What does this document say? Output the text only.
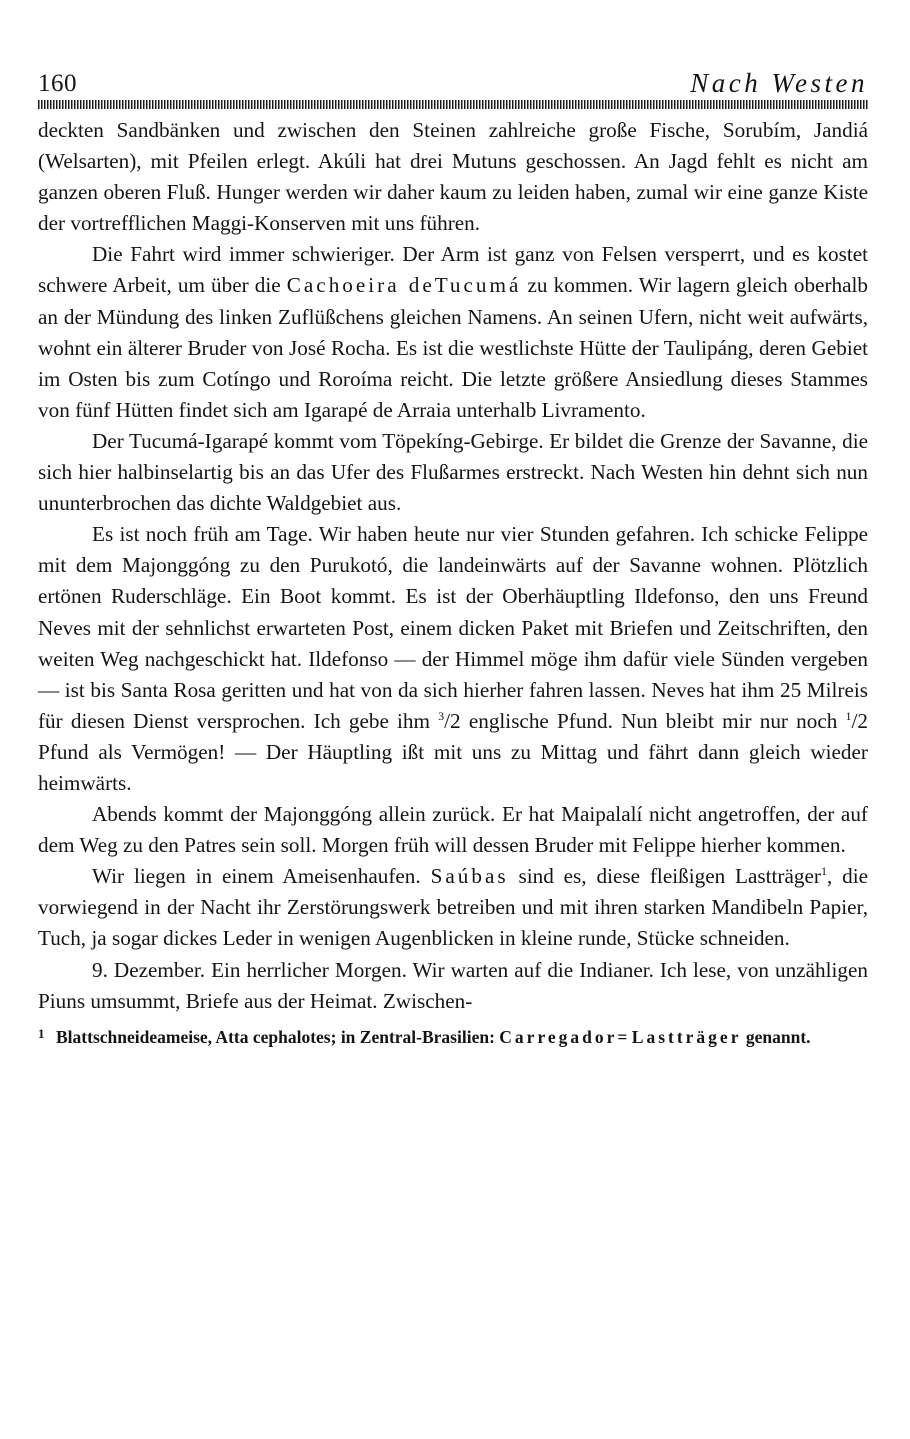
160	Nach Westen

deckten Sandbänken und zwischen den Steinen zahlreiche große Fische, Sorubím, Jandiá (Welsarten), mit Pfeilen erlegt. Akúli hat drei Mutuns geschossen. An Jagd fehlt es nicht am ganzen oberen Fluß. Hunger werden wir daher kaum zu leiden haben, zumal wir eine ganze Kiste der vortrefflichen Maggi-Konserven mit uns führen.

Die Fahrt wird immer schwieriger. Der Arm ist ganz von Felsen versperrt, und es kostet schwere Arbeit, um über die Cachoeira deTucumá zu kommen. Wir lagern gleich oberhalb an der Mündung des linken Zuflüßchens gleichen Namens. An seinen Ufern, nicht weit aufwärts, wohnt ein älterer Bruder von José Rocha. Es ist die westlichste Hütte der Taulipáng, deren Gebiet im Osten bis zum Cotíngo und Roroíma reicht. Die letzte größere Ansiedlung dieses Stammes von fünf Hütten findet sich am Igarapé de Arraia unterhalb Livramento.

Der Tucumá-Igarapé kommt vom Töpekíng-Gebirge. Er bildet die Grenze der Savanne, die sich hier halbinselartig bis an das Ufer des Flußarmes erstreckt. Nach Westen hin dehnt sich nun ununterbrochen das dichte Waldgebiet aus.

Es ist noch früh am Tage. Wir haben heute nur vier Stunden gefahren. Ich schicke Felippe mit dem Majonggóng zu den Purukotó, die landeinwärts auf der Savanne wohnen. Plötzlich ertönen Ruderschläge. Ein Boot kommt. Es ist der Oberhäuptling Ildefonso, den uns Freund Neves mit der sehnlichst erwarteten Post, einem dicken Paket mit Briefen und Zeitschriften, den weiten Weg nachgeschickt hat. Ildefonso — der Himmel möge ihm dafür viele Sünden vergeben — ist bis Santa Rosa geritten und hat von da sich hierher fahren lassen. Neves hat ihm 25 Milreis für diesen Dienst versprochen. Ich gebe ihm $^3$/2 englische Pfund. Nun bleibt mir nur noch $^1$/2 Pfund als Vermögen! — Der Häuptling ißt mit uns zu Mittag und fährt dann gleich wieder heimwärts.

Abends kommt der Majonggóng allein zurück. Er hat Maipalalí nicht angetroffen, der auf dem Weg zu den Patres sein soll. Morgen früh will dessen Bruder mit Felippe hierher kommen.

Wir liegen in einem Ameisenhaufen. Saúbas sind es, diese fleißigen Lastträger$^1$, die vorwiegend in der Nacht ihr Zerstörungswerk betreiben und mit ihren starken Mandibeln Papier, Tuch, ja sogar dickes Leder in wenigen Augenblicken in kleine runde, Stücke schneiden.

9. Dezember. Ein herrlicher Morgen. Wir warten auf die Indianer. Ich lese, von unzähligen Piuns umsummt, Briefe aus der Heimat. Zwischen-

1 Blattschneideameise, Atta cephalotes; in Zentral-Brasilien: Carregador= Lastträger genannt.
